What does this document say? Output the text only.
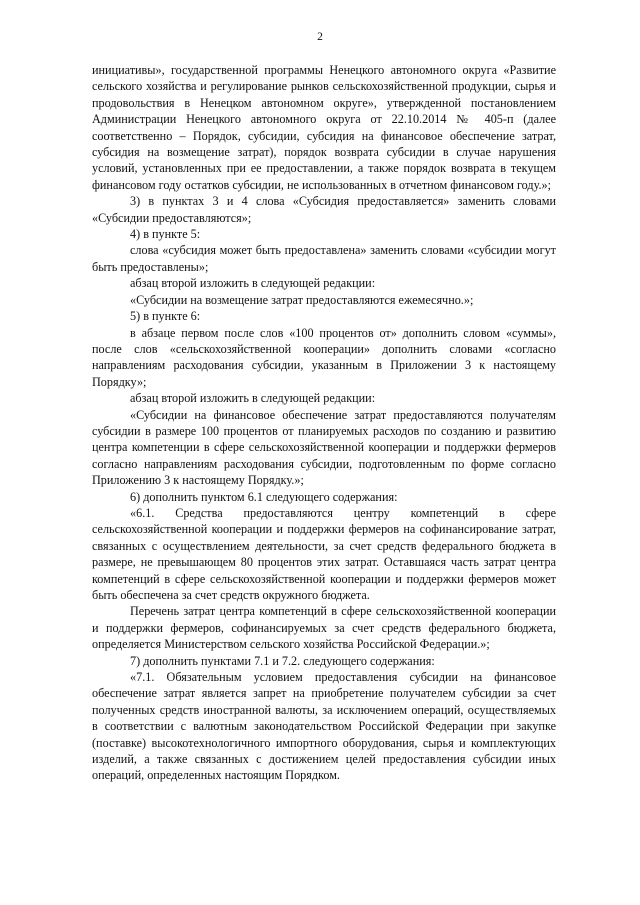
2

инициативы», государственной программы Ненецкого автономного округа «Развитие сельского хозяйства и регулирование рынков сельскохозяйственной продукции, сырья и продовольствия в Ненецком автономном округе», утвержденной постановлением Администрации Ненецкого автономного округа от 22.10.2014 № 405-п (далее соответственно – Порядок, субсидии, субсидия на финансовое обеспечение затрат, субсидия на возмещение затрат), порядок возврата субсидии в случае нарушения условий, установленных при ее предоставлении, а также порядок возврата в текущем финансовом году остатков субсидии, не использованных в отчетном финансовом году.»;

3) в пунктах 3 и 4 слова «Субсидия предоставляется» заменить словами «Субсидии предоставляются»;

4) в пункте 5:

слова «субсидия может быть предоставлена» заменить словами «субсидии могут быть предоставлены»;

абзац второй изложить в следующей редакции:

«Субсидии на возмещение затрат предоставляются ежемесячно.»;

5) в пункте 6:

в абзаце первом после слов «100 процентов от» дополнить словом «суммы», после слов «сельскохозяйственной кооперации» дополнить словами «согласно направлениям расходования субсидии, указанным в Приложении 3 к настоящему Порядку»;

абзац второй изложить в следующей редакции:

«Субсидии на финансовое обеспечение затрат предоставляются получателям субсидии в размере 100 процентов от планируемых расходов по созданию и развитию центра компетенции в сфере сельскохозяйственной кооперации и поддержки фермеров согласно направлениям расходования субсидии, подготовленным по форме согласно Приложению 3 к настоящему Порядку.»;

6) дополнить пунктом 6.1 следующего содержания:

«6.1. Средства предоставляются центру компетенций в сфере сельскохозяйственной кооперации и поддержки фермеров на софинансирование затрат, связанных с осуществлением деятельности, за счет средств федерального бюджета в размере, не превышающем 80 процентов этих затрат. Оставшаяся часть затрат центра компетенций в сфере сельскохозяйственной кооперации и поддержки фермеров может быть обеспечена за счет средств окружного бюджета.

Перечень затрат центра компетенций в сфере сельскохозяйственной кооперации и поддержки фермеров, софинансируемых за счет средств федерального бюджета, определяется Министерством сельского хозяйства Российской Федерации.»;

7) дополнить пунктами 7.1 и 7.2. следующего содержания:

«7.1. Обязательным условием предоставления субсидии на финансовое обеспечение затрат является запрет на приобретение получателем субсидии за счет полученных средств иностранной валюты, за исключением операций, осуществляемых в соответствии с валютным законодательством Российской Федерации при закупке (поставке) высокотехнологичного импортного оборудования, сырья и комплектующих изделий, а также связанных с достижением целей предоставления субсидии иных операций, определенных настоящим Порядком.
